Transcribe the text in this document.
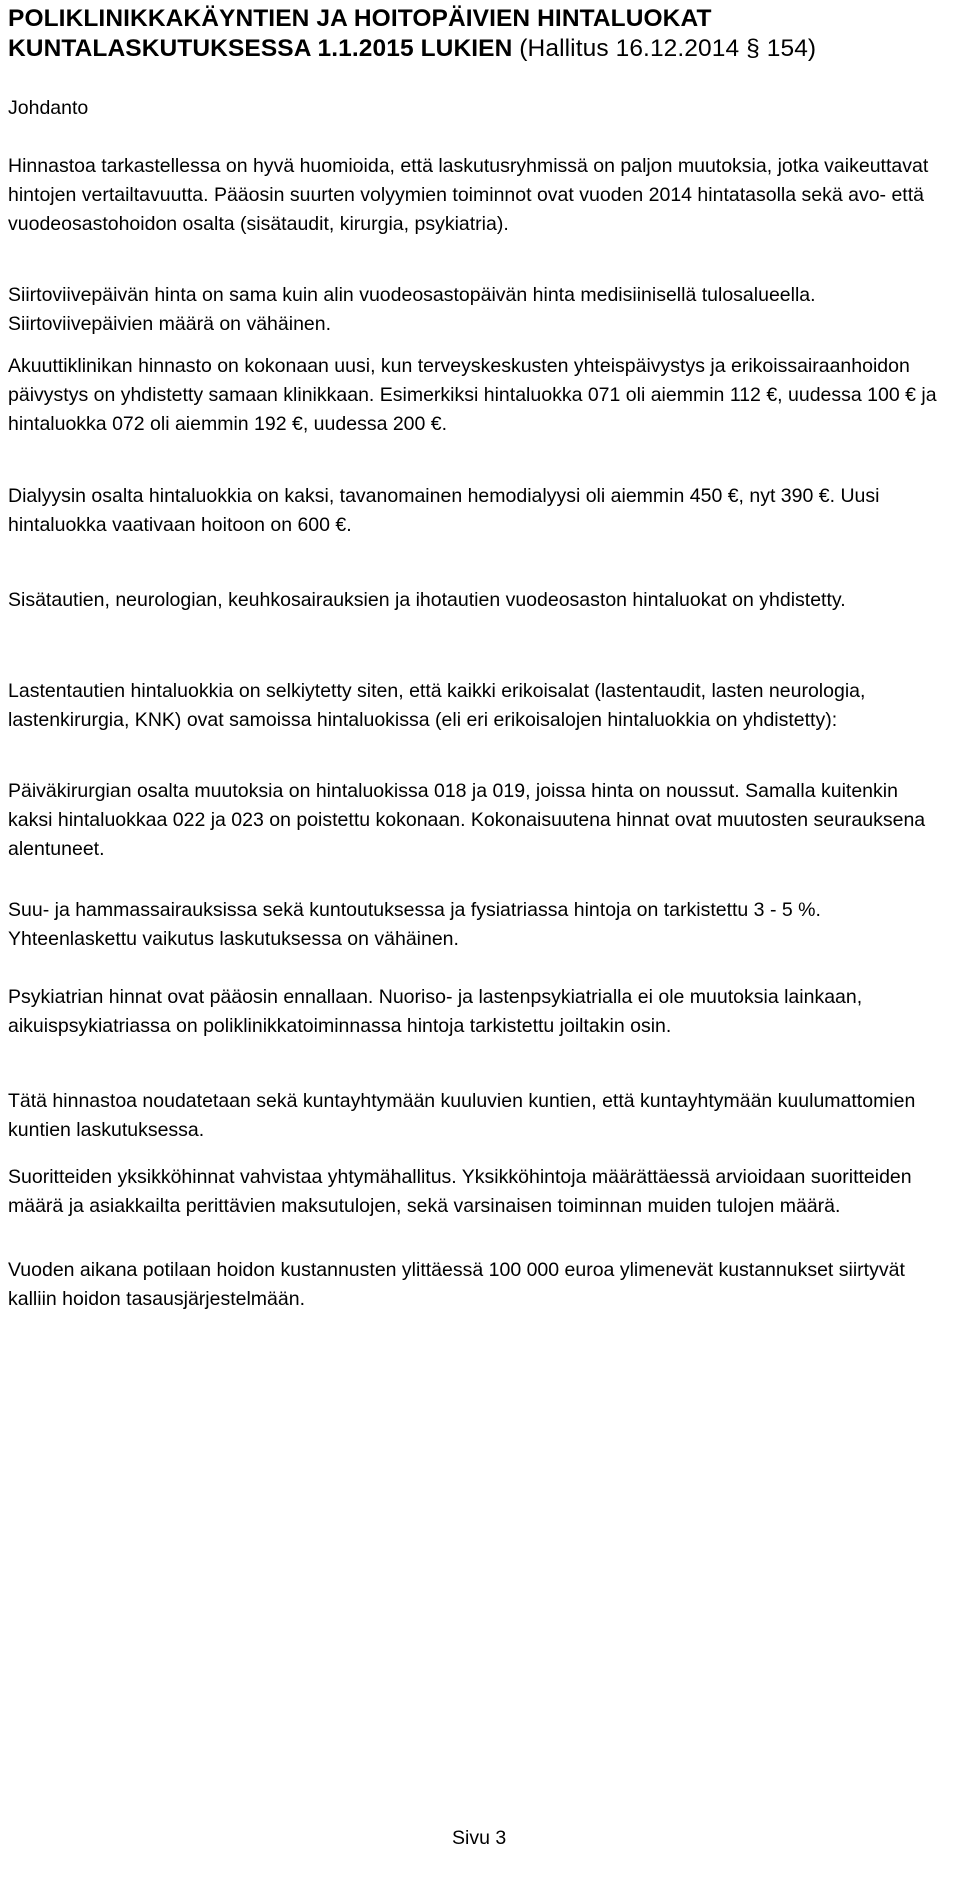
POLIKLINIKKAKÄYNTIEN JA HOITOPÄIVIEN HINTALUOKAT KUNTALASKUTUKSESSA 1.1.2015 LUKIEN (Hallitus 16.12.2014 § 154)

Johdanto

Hinnastoa tarkastellessa on hyvä huomioida, että laskutusryhmissä on paljon muutoksia, jotka vaikeuttavat hintojen vertailtavuutta. Pääosin suurten volyymien toiminnot ovat vuoden 2014 hintatasolla sekä avo- että vuodeosastohoidon osalta (sisätaudit, kirurgia, psykiatria).

Siirtoviivepäivän hinta on sama kuin alin vuodeosastopäivän hinta medisiinisellä tulosalueella. Siirtoviivepäivien määrä on vähäinen.

Akuuttiklinikan hinnasto on kokonaan uusi, kun terveyskeskusten yhteispäivystys ja erikoissairaanhoidon päivystys on yhdistetty samaan klinikkaan. Esimerkiksi hintaluokka 071 oli aiemmin 112 €, uudessa 100 € ja hintaluokka 072 oli aiemmin 192 €, uudessa 200 €.

Dialyysin osalta hintaluokkia on kaksi, tavanomainen hemodialyysi oli aiemmin 450 €, nyt 390 €. Uusi hintaluokka vaativaan hoitoon on 600 €.

Sisätautien, neurologian, keuhkosairauksien ja ihotautien vuodeosaston hintaluokat on yhdistetty.

Lastentautien hintaluokkia on selkiytetty siten, että kaikki erikoisalat (lastentaudit, lasten neurologia, lastenkirurgia, KNK) ovat samoissa hintaluokissa (eli eri erikoisalojen hintaluokkia on yhdistetty):

Päiväkirurgian osalta muutoksia on hintaluokissa 018 ja 019, joissa hinta on noussut. Samalla kuitenkin kaksi hintaluokkaa 022 ja 023 on poistettu kokonaan. Kokonaisuutena hinnat ovat muutosten seurauksena alentuneet.

Suu- ja hammassairauksissa sekä kuntoutuksessa ja fysiatriassa hintoja on tarkistettu 3 - 5 %. Yhteenlaskettu vaikutus laskutuksessa on vähäinen.

Psykiatrian hinnat ovat pääosin ennallaan. Nuoriso- ja lastenpsykiatrialla ei ole muutoksia lainkaan, aikuispsykiatriassa on poliklinikkatoiminnassa hintoja tarkistettu joiltakin osin.

Tätä hinnastoa noudatetaan sekä kuntayhtymään kuuluvien kuntien, että kuntayhtymään kuulumattomien kuntien laskutuksessa.

Suoritteiden yksikköhinnat vahvistaa yhtymähallitus. Yksikköhintoja määrättäessä arvioidaan suoritteiden määrä ja asiakkailta perittävien maksutulojen, sekä varsinaisen toiminnan muiden tulojen määrä.

Vuoden aikana potilaan hoidon kustannusten ylittäessä 100 000 euroa ylimenevät kustannukset siirtyvät kalliin hoidon tasausjärjestelmään.

Sivu 3
